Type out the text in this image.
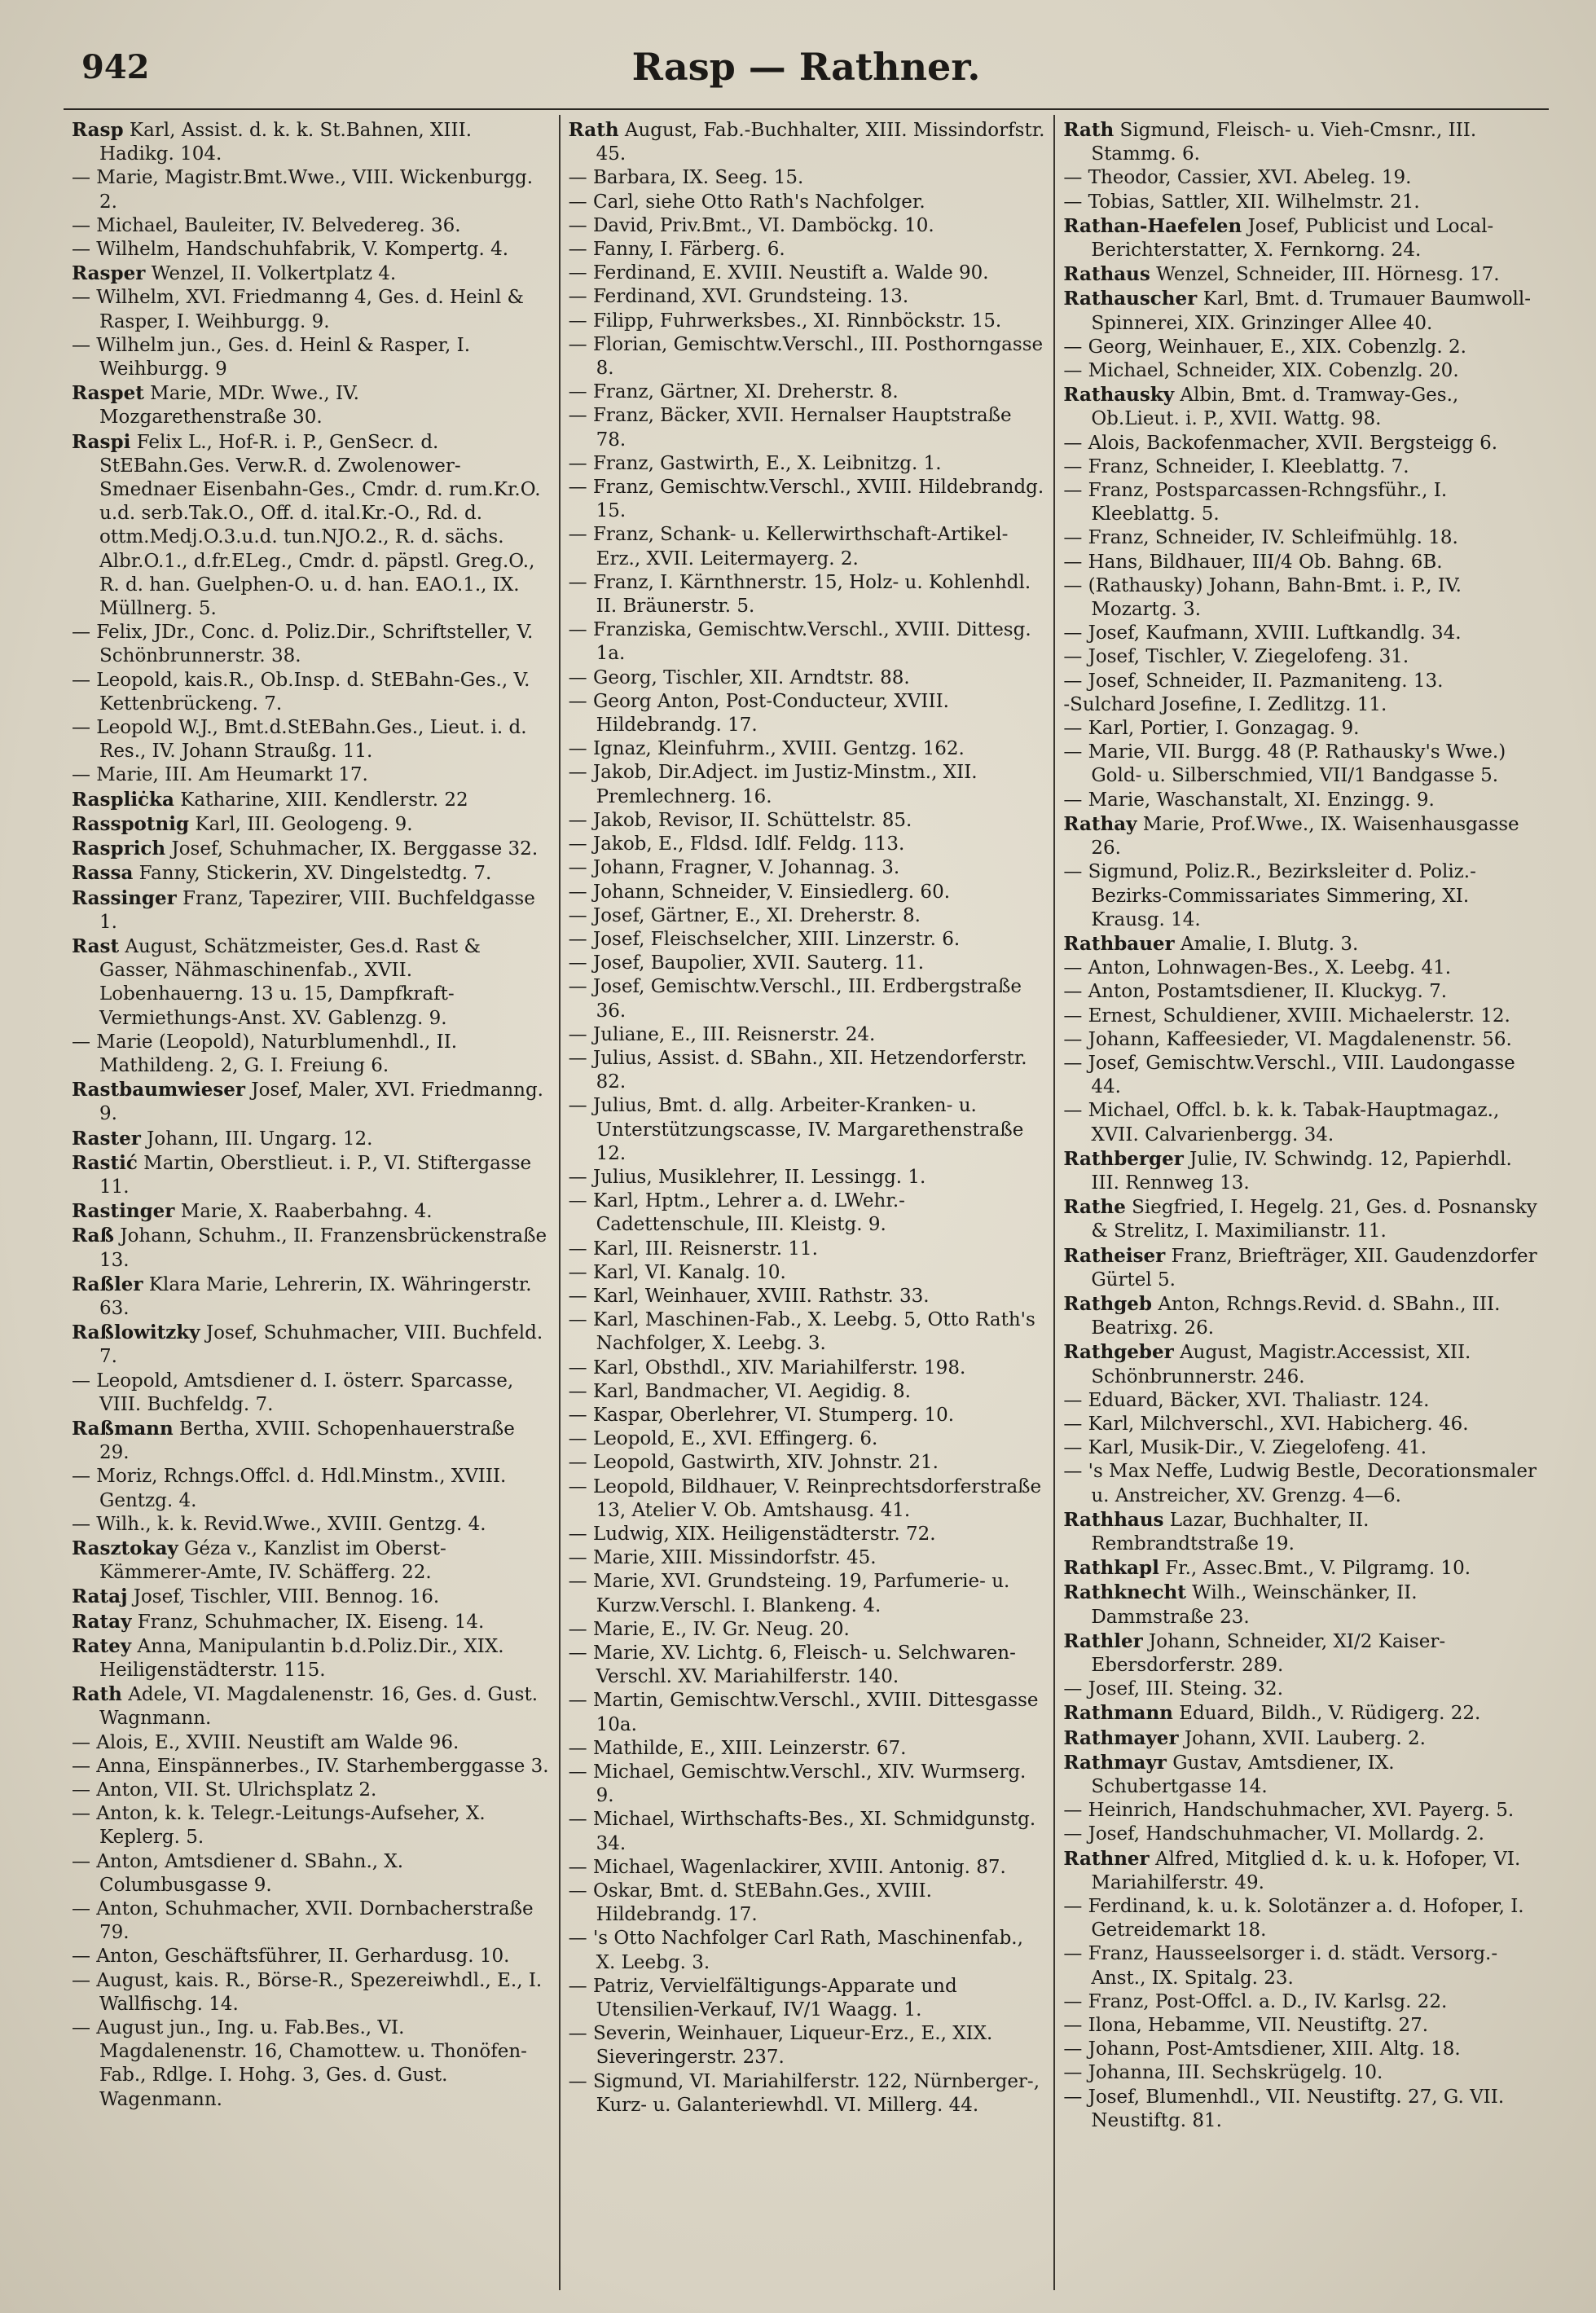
942	Rasp — Rathner.

Rasp Karl, Assist. d. k. k. St.Bahnen, XIII. Hadikg. 104.

— Marie, Magistr.Bmt.Wwe., VIII. Wickenburgg. 2.

— Michael, Bauleiter, IV. Belvedereg. 36.

— Wilhelm, Handschuhfabrik, V. Kompertg. 4.

Rasper Wenzel, II. Volkertplatz 4.

— Wilhelm, XVI. Friedmanng 4, Ges. d. Heinl & Rasper, I. Weihburgg. 9.

— Wilhelm jun., Ges. d. Heinl & Rasper, I. Weihburgg. 9

Raspet Marie, MDr. Wwe., IV. Mozgarethenstraße 30.

Raspi Felix L., Hof-R. i. P., GenSecr. d. StEBahn.Ges. Verw.R. d. Zwolenower-Smednaer Eisenbahn-Ges., Cmdr. d. rum.Kr.O. u.d. serb.Tak.O., Off. d. ital.Kr.-O., Rd. d. ottm.Medj.O.3.u.d. tun.NJO.2., R. d. sächs. Albr.O.1., d.fr.ELeg., Cmdr. d. päpstl. Greg.O., R. d. han. Guelphen-O. u. d. han. EAO.1., IX. Müllnerg. 5.

— Felix, JDr., Conc. d. Poliz.Dir., Schriftsteller, V. Schönbrunnerstr. 38.

— Leopold, kais.R., Ob.Insp. d. StEBahn-Ges., V. Kettenbrückeng. 7.

— Leopold W.J., Bmt.d.StEBahn.Ges., Lieut. i. d. Res., IV. Johann Straußg. 11.

— Marie, III. Am Heumarkt 17.

Raspliċka Katharine, XIII. Kendlerstr. 22

Rasspotnig Karl, III. Geologeng. 9.

Rasprich Josef, Schuhmacher, IX. Berggasse 32.

Rassa Fanny, Stickerin, XV. Dingelstedtg. 7.

Rassinger Franz, Tapezirer, VIII. Buchfeldgasse 1.

Rast August, Schätzmeister, Ges.d. Rast & Gasser, Nähmaschinenfab., XVII. Lobenhauerng. 13 u. 15, Dampfkraft-Vermiethungs-Anst. XV. Gablenzg. 9.

— Marie (Leopold), Naturblumenhdl., II. Mathildeng. 2, G. I. Freiung 6.

Rastbaumwieser Josef, Maler, XVI. Friedmanng. 9.

Raster Johann, III. Ungarg. 12.

Rastić Martin, Oberstlieut. i. P., VI. Stiftergasse 11.

Rastinger Marie, X. Raaberbahng. 4.

Raß Johann, Schuhm., II. Franzensbrückenstraße 13.

Raßler Klara Marie, Lehrerin, IX. Währingerstr. 63.

Raßlowitzky Josef, Schuhmacher, VIII. Buchfeld. 7.

— Leopold, Amtsdiener d. I. österr. Sparcasse, VIII. Buchfeldg. 7.

Raßmann Bertha, XVIII. Schopenhauerstraße 29.

— Moriz, Rchngs.Offcl. d. Hdl.Minstm., XVIII. Gentzg. 4.

— Wilh., k. k. Revid.Wwe., XVIII. Gentzg. 4.

Rasztokay Géza v., Kanzlist im Oberst-Kämmerer-Amte, IV. Schäfferg. 22.

Rataj Josef, Tischler, VIII. Bennog. 16.

Ratay Franz, Schuhmacher, IX. Eiseng. 14.

Ratey Anna, Manipulantin b.d.Poliz.Dir., XIX. Heiligenstädterstr. 115.

Rath Adele, VI. Magdalenenstr. 16, Ges. d. Gust. Wagnmann.

— Alois, E., XVIII. Neustift am Walde 96.

— Anna, Einspännerbes., IV. Starhemberggasse 3.

— Anton, VII. St. Ulrichsplatz 2.

— Anton, k. k. Telegr.-Leitungs-Aufseher, X. Keplerg. 5.

— Anton, Amtsdiener d. SBahn., X. Columbusgasse 9.

— Anton, Schuhmacher, XVII. Dornbacherstraße 79.

— Anton, Geschäftsführer, II. Gerhardusg. 10.

— August, kais. R., Börse-R., Spezereiwhdl., E., I. Wallfischg. 14.

— August jun., Ing. u. Fab.Bes., VI. Magdalenenstr. 16, Chamottew. u. Thonöfen-Fab., Rdlge. I. Hohg. 3, Ges. d. Gust. Wagenmann.

Rath August, Fab.-Buchhalter, XIII. Missindorfstr. 45.

— Barbara, IX. Seeg. 15.

— Carl, siehe Otto Rath's Nachfolger.

— David, Priv.Bmt., VI. Damböckg. 10.

— Fanny, I. Färberg. 6.

— Ferdinand, E. XVIII. Neustift a. Walde 90.

— Ferdinand, XVI. Grundsteing. 13.

— Filipp, Fuhrwerksbes., XI. Rinnböckstr. 15.

— Florian, Gemischtw.Verschl., III. Posthorngasse 8.

— Franz, Gärtner, XI. Dreherstr. 8.

— Franz, Bäcker, XVII. Hernalser Hauptstraße 78.

— Franz, Gastwirth, E., X. Leibnitzg. 1.

— Franz, Gemischtw.Verschl., XVIII. Hildebrandg. 15.

— Franz, Schank- u. Kellerwirthschaft-Artikel-Erz., XVII. Leitermayerg. 2.

— Franz, I. Kärnthnerstr. 15, Holz- u. Kohlenhdl. II. Bräunerstr. 5.

— Franziska, Gemischtw.Verschl., XVIII. Dittesg. 1a.

— Georg, Tischler, XII. Arndtstr. 88.

— Georg Anton, Post-Conducteur, XVIII. Hildebrandg. 17.

— Ignaz, Kleinfuhrm., XVIII. Gentzg. 162.

— Jakob, Dir.Adject. im Justiz-Minstm., XII. Premlechnerg. 16.

— Jakob, Revisor, II. Schüttelstr. 85.

— Jakob, E., Fldsd. Idlf. Feldg. 113.

— Johann, Fragner, V. Johannag. 3.

— Johann, Schneider, V. Einsiedlerg. 60.

— Josef, Gärtner, E., XI. Dreherstr. 8.

— Josef, Fleischselcher, XIII. Linzerstr. 6.

— Josef, Baupolier, XVII. Sauterg. 11.

— Josef, Gemischtw.Verschl., III. Erdbergstraße 36.

— Juliane, E., III. Reisnerstr. 24.

— Julius, Assist. d. SBahn., XII. Hetzendorferstr. 82.

— Julius, Bmt. d. allg. Arbeiter-Kranken- u. Unterstützungscasse, IV. Margarethenstraße 12.

— Julius, Musiklehrer, II. Lessingg. 1.

— Karl, Hptm., Lehrer a. d. LWehr.-Cadettenschule, III. Kleistg. 9.

— Karl, III. Reisnerstr. 11.

— Karl, VI. Kanalg. 10.

— Karl, Weinhauer, XVIII. Rathstr. 33.

— Karl, Maschinen-Fab., X. Leebg. 5, Otto Rath's Nachfolger, X. Leebg. 3.

— Karl, Obsthdl., XIV. Mariahilferstr. 198.

— Karl, Bandmacher, VI. Aegidig. 8.

— Kaspar, Oberlehrer, VI. Stumperg. 10.

— Leopold, E., XVI. Effingerg. 6.

— Leopold, Gastwirth, XIV. Johnstr. 21.

— Leopold, Bildhauer, V. Reinprechtsdorferstraße 13, Atelier V. Ob. Amtshausg. 41.

— Ludwig, XIX. Heiligenstädterstr. 72.

— Marie, XIII. Missindorfstr. 45.

— Marie, XVI. Grundsteing. 19, Parfumerie- u. Kurzw.Verschl. I. Blankeng. 4.

— Marie, E., IV. Gr. Neug. 20.

— Marie, XV. Lichtg. 6, Fleisch- u. Selchwaren-Verschl. XV. Mariahilferstr. 140.

— Martin, Gemischtw.Verschl., XVIII. Dittesgasse 10a.

— Mathilde, E., XIII. Leinzerstr. 67.

— Michael, Gemischtw.Verschl., XIV. Wurmserg. 9.

— Michael, Wirthschafts-Bes., XI. Schmidgunstg. 34.

— Michael, Wagenlackirer, XVIII. Antonig. 87.

— Oskar, Bmt. d. StEBahn.Ges., XVIII. Hildebrandg. 17.

— 's Otto Nachfolger Carl Rath, Maschinenfab., X. Leebg. 3.

— Patriz, Vervielfältigungs-Apparate und Utensilien-Verkauf, IV/1 Waagg. 1.

— Severin, Weinhauer, Liqueur-Erz., E., XIX. Sieveringerstr. 237.

— Sigmund, VI. Mariahilferstr. 122, Nürnberger-, Kurz- u. Galanteriewhdl. VI. Millerg. 44.

Rath Sigmund, Fleisch- u. Vieh-Cmsnr., III. Stammg. 6.

— Theodor, Cassier, XVI. Abeleg. 19.

— Tobias, Sattler, XII. Wilhelmstr. 21.

Rathan-Haefelen Josef, Publicist und Local-Berichterstatter, X. Fernkorng. 24.

Rathaus Wenzel, Schneider, III. Hörnesg. 17.

Rathauscher Karl, Bmt. d. Trumauer Baumwoll-Spinnerei, XIX. Grinzinger Allee 40.

— Georg, Weinhauer, E., XIX. Cobenzlg. 2.

— Michael, Schneider, XIX. Cobenzlg. 20.

Rathausky Albin, Bmt. d. Tramway-Ges., Ob.Lieut. i. P., XVII. Wattg. 98.

— Alois, Backofenmacher, XVII. Bergsteigg 6.

— Franz, Schneider, I. Kleeblattg. 7.

— Franz, Postsparcassen-Rchngsführ., I. Kleeblattg. 5.

— Franz, Schneider, IV. Schleifmühlg. 18.

— Hans, Bildhauer, III/4 Ob. Bahng. 6B.

— (Rathausky) Johann, Bahn-Bmt. i. P., IV. Mozartg. 3.

— Josef, Kaufmann, XVIII. Luftkandlg. 34.

— Josef, Tischler, V. Ziegelofeng. 31.

— Josef, Schneider, II. Pazmaniteng. 13.

-Sulchard Josefine, I. Zedlitzg. 11.

— Karl, Portier, I. Gonzagag. 9.

— Marie, VII. Burgg. 48 (P. Rathausky's Wwe.) Gold- u. Silberschmied, VII/1 Bandgasse 5.

— Marie, Waschanstalt, XI. Enzingg. 9.

Rathay Marie, Prof.Wwe., IX. Waisenhausgasse 26.

— Sigmund, Poliz.R., Bezirksleiter d. Poliz.-Bezirks-Commissariates Simmering, XI. Krausg. 14.

Rathbauer Amalie, I. Blutg. 3.

— Anton, Lohnwagen-Bes., X. Leebg. 41.

— Anton, Postamtsdiener, II. Kluckyg. 7.

— Ernest, Schuldiener, XVIII. Michaelerstr. 12.

— Johann, Kaffeesieder, VI. Magdalenenstr. 56.

— Josef, Gemischtw.Verschl., VIII. Laudongasse 44.

— Michael, Offcl. b. k. k. Tabak-Hauptmagaz., XVII. Calvarienbergg. 34.

Rathberger Julie, IV. Schwindg. 12, Papierhdl. III. Rennweg 13.

Rathe Siegfried, I. Hegelg. 21, Ges. d. Posnansky & Strelitz, I. Maximilianstr. 11.

Ratheiser Franz, Briefträger, XII. Gaudenzdorfer Gürtel 5.

Rathgeb Anton, Rchngs.Revid. d. SBahn., III. Beatrixg. 26.

Rathgeber August, Magistr.Accessist, XII. Schönbrunnerstr. 246.

— Eduard, Bäcker, XVI. Thaliastr. 124.

— Karl, Milchverschl., XVI. Habicherg. 46.

— Karl, Musik-Dir., V. Ziegelofeng. 41.

— 's Max Neffe, Ludwig Bestle, Decorationsmaler u. Anstreicher, XV. Grenzg. 4—6.

Rathhaus Lazar, Buchhalter, II. Rembrandtstraße 19.

Rathkapl Fr., Assec.Bmt., V. Pilgramg. 10.

Rathknecht Wilh., Weinschänker, II. Dammstraße 23.

Rathler Johann, Schneider, XI/2 Kaiser-Ebersdorferstr. 289.

— Josef, III. Steing. 32.

Rathmann Eduard, Bildh., V. Rüdigerg. 22.

Rathmayer Johann, XVII. Lauberg. 2.

Rathmayr Gustav, Amtsdiener, IX. Schubertgasse 14.

— Heinrich, Handschuhmacher, XVI. Payerg. 5.

— Josef, Handschuhmacher, VI. Mollardg. 2.

Rathner Alfred, Mitglied d. k. u. k. Hofoper, VI. Mariahilferstr. 49.

— Ferdinand, k. u. k. Solotänzer a. d. Hofoper, I. Getreidemarkt 18.

— Franz, Hausseelsorger i. d. städt. Versorg.-Anst., IX. Spitalg. 23.

— Franz, Post-Offcl. a. D., IV. Karlsg. 22.

— Ilona, Hebamme, VII. Neustiftg. 27.

— Johann, Post-Amtsdiener, XIII. Altg. 18.

— Johanna, III. Sechskrügelg. 10.

— Josef, Blumenhdl., VII. Neustiftg. 27, G. VII. Neustiftg. 81.
